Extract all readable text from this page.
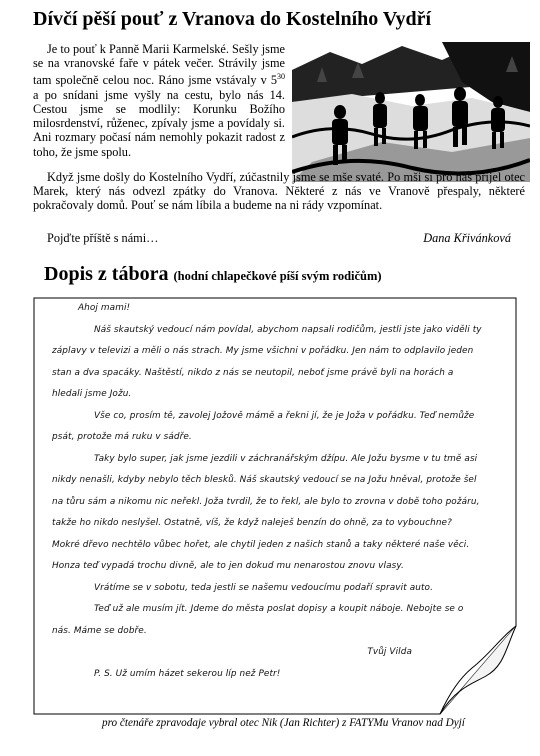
Dívčí pěší pouť z Vranova do Kostelního Vydří
Je to pouť k Panně Marii Karmelské. Sešly jsme se na vranovské faře v pátek večer. Strávily jsme tam společně celou noc. Ráno jsme vstávaly v $5^{30}$ a po snídani jsme vyšly na cestu, bylo nás 14. Cestou jsme se modlily: Korunku Božího milosrdenství, růženec, zpívaly jsme a povídaly si. Ani rozmary počasí nám nemohly pokazit radost z toho, že jsme spolu.
Když jsme došly do Kostelního Vydří, zúčastnily jsme se mše svaté. Po mši si pro nás přijel otec Marek, který nás odvezl zpátky do Vranova. Některé z nás ve Vranově přespaly, některé pokračovaly domů. Pouť se nám líbila a budeme na ni rády vzpomínat.
Pojďte příště s námi…	Dana Křivánková
Dopis z tábora (hodní chlapečkové píší svým rodičům)

Ahoj mami!

Náš skautský vedoucí nám povídal, abychom napsali rodičům, jestli jste jako viděli ty záplavy v televizi a měli o nás strach. My jsme všichni v pořádku. Jen nám to odplavilo jeden stan a dva spacáky. Naštěstí, nikdo z nás se neutopil, neboť jsme právě byli na horách a hledali jsme Jožu.

Vše co, prosím tě, zavolej Jožově mámě a řekni jí, že je Joža v pořádku. Teď nemůže psát, protože má ruku v sádře.

Taky bylo super, jak jsme jezdili v záchranářským džípu. Ale Jožu bysme v tu tmě asi nikdy nenašli, kdyby nebylo těch blesků. Náš skautský vedoucí se na Jožu hněval, protože šel na tůru sám a nikomu nic neřekl. Joža tvrdil, že to řekl, ale bylo to zrovna v době toho požáru, takže ho nikdo neslyšel. Ostatně, víš, že když naleješ benzín do ohně, za to vybouchne? Mokré dřevo nechtělo vůbec hořet, ale chytil jeden z našich stanů a taky některé naše věci. Honza teď vypadá trochu divně, ale to jen dokud mu nenarostou znovu vlasy.

Vrátíme se v sobotu, teda jestli se našemu vedoucímu podaří spravit auto.

Teď už ale musím jít. Jdeme do města poslat dopisy a koupit náboje. Nebojte se o nás. Máme se dobře.

Tvůj Vilda

P. S. Už umím házet sekerou líp než Petr!

pro čtenáře zpravodaje vybral otec Nik (Jan Richter) z FATYMu Vranov nad Dyjí
